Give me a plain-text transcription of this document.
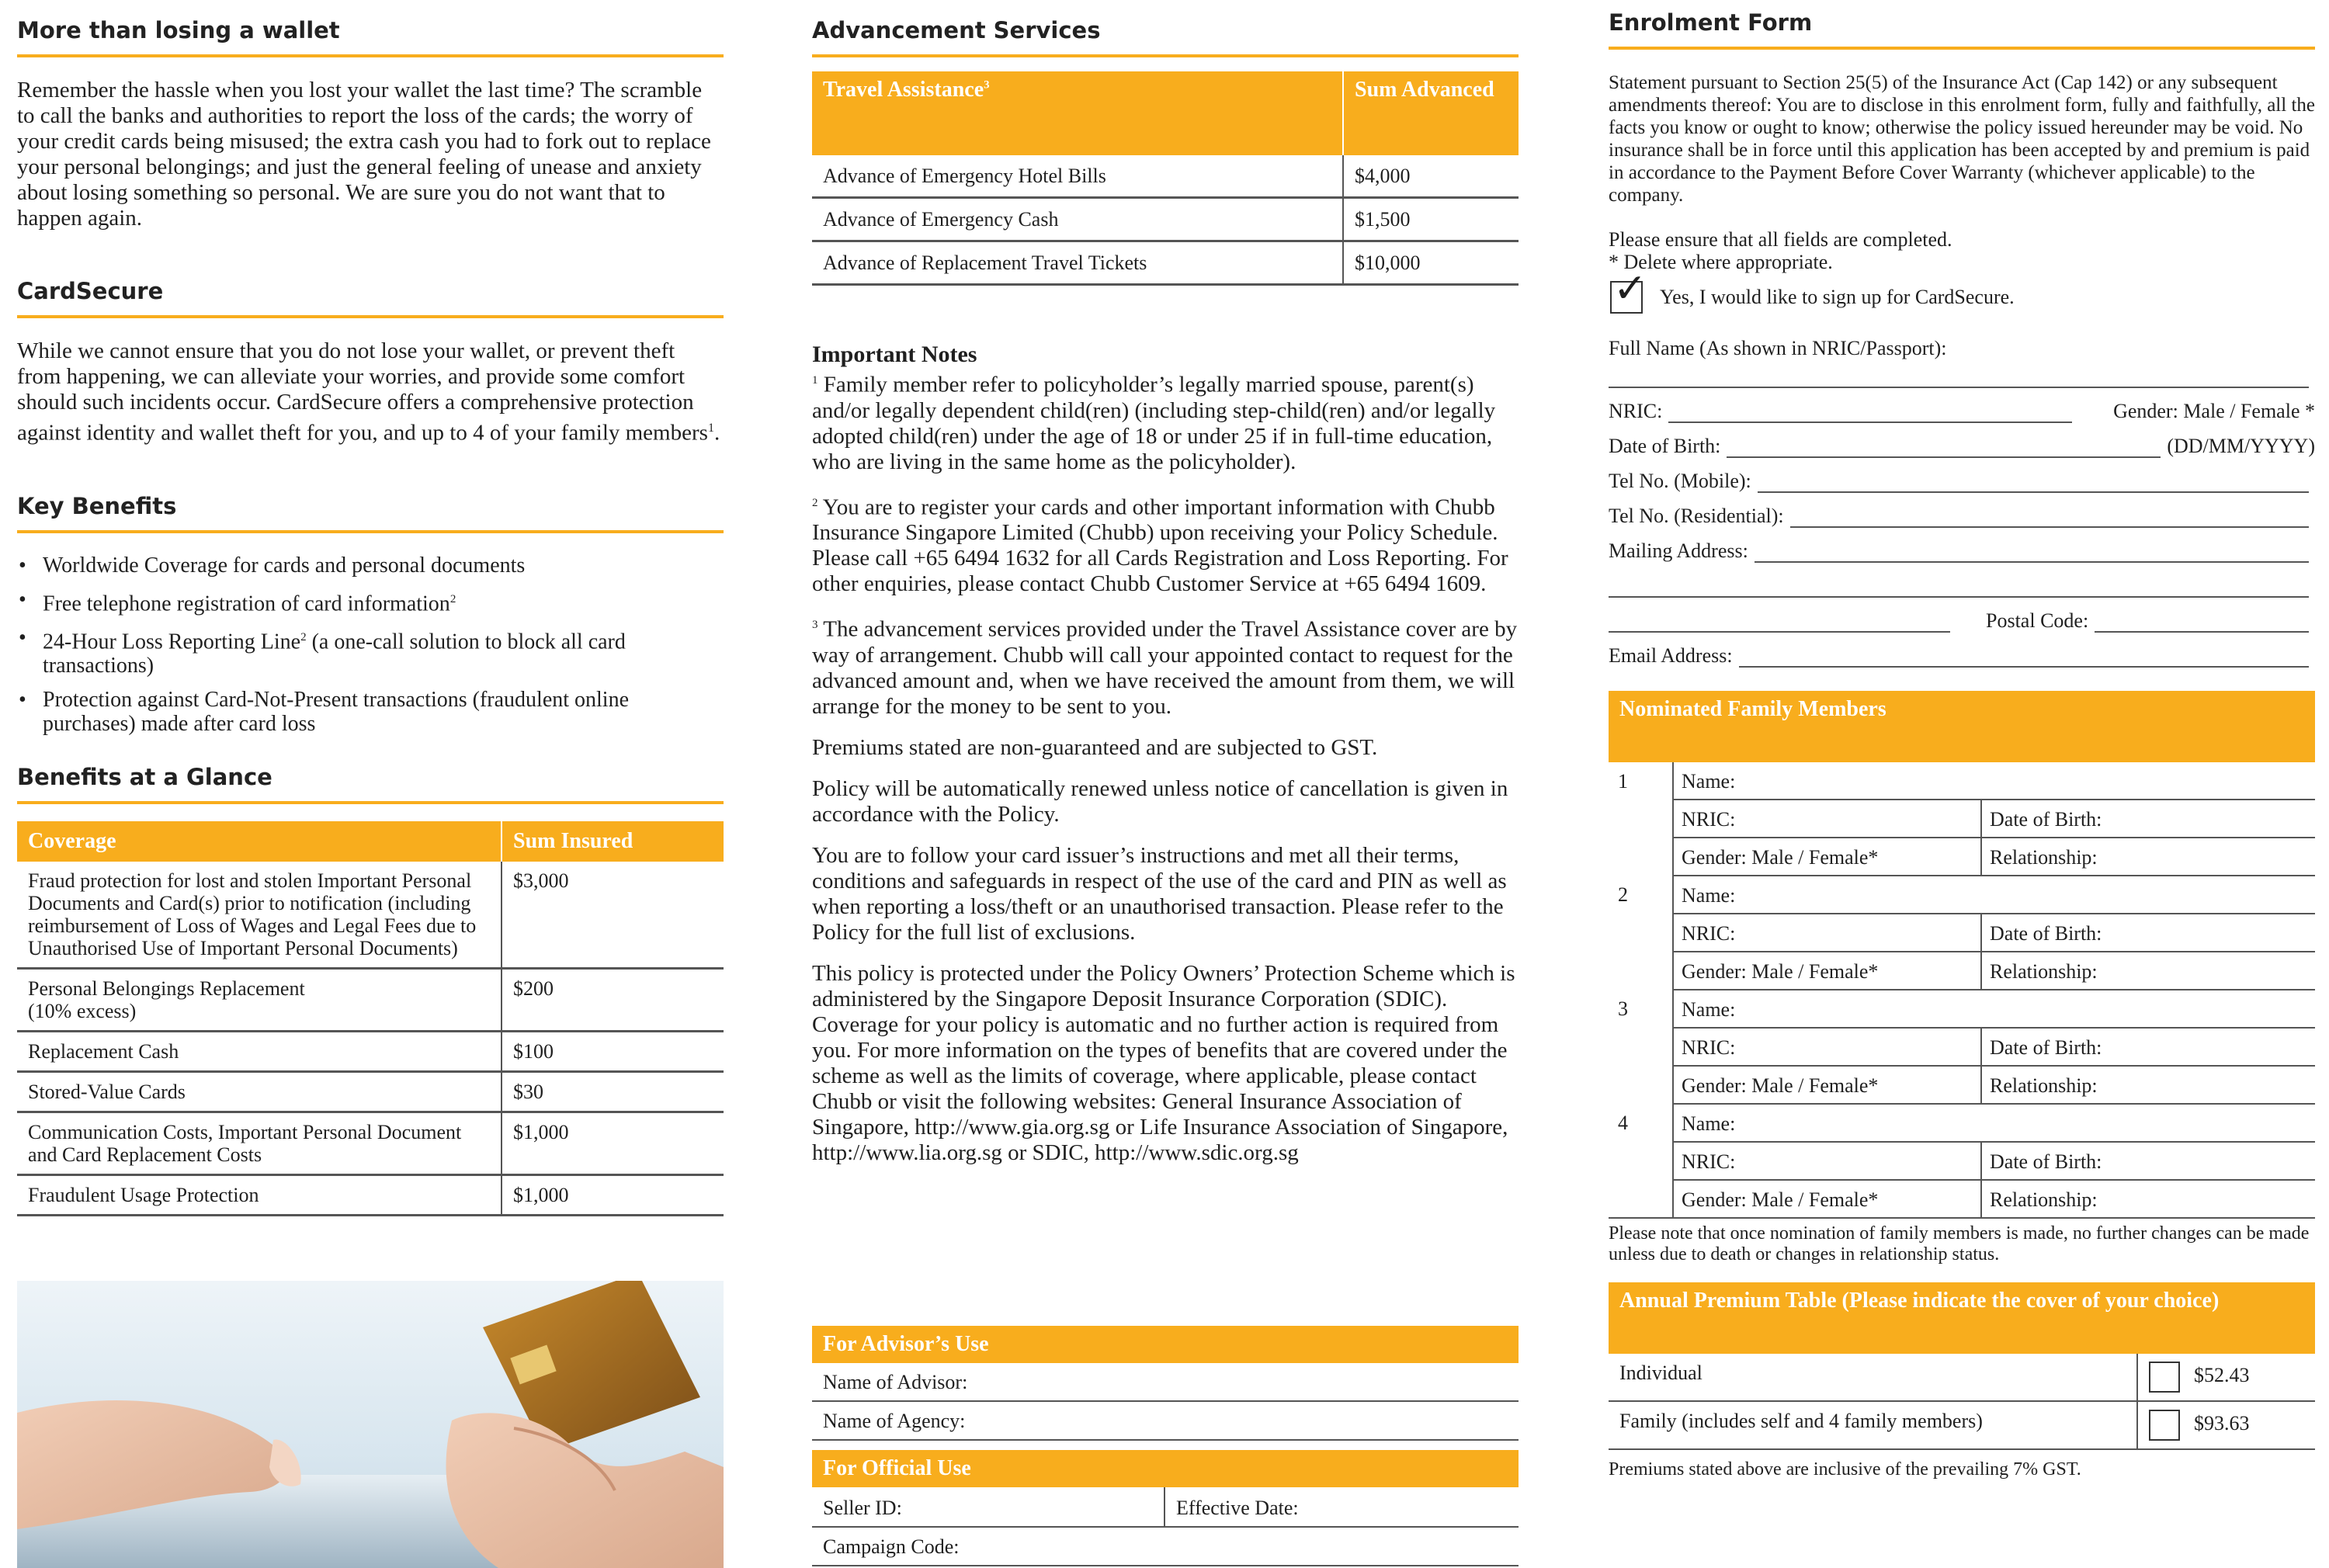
More than losing a wallet

Remember the hassle when you lost your wallet the last time? The scramble to call the banks and authorities to report the loss of the cards; the worry of your credit cards being misused; the extra cash you had to fork out to replace your personal belongings; and just the general feeling of unease and anxiety about losing something so personal. We are sure you do not want that to happen again.

CardSecure

While we cannot ensure that you do not lose your wallet, or prevent theft from happening, we can alleviate your worries, and provide some comfort should such incidents occur. CardSecure offers a comprehensive protection against identity and wallet theft for you, and up to 4 of your family members$^1$.

Key Benefits
• Worldwide Coverage for cards and personal documents
• Free telephone registration of card information$^2$
• 24-Hour Loss Reporting Line$^2$ (a one-call solution to block all card transactions)
• Protection against Card-Not-Present transactions (fraudulent online purchases) made after card loss
Benefits at a Glance
Coverage	Sum Insured
Fraud protection for lost and stolen Important Personal Documents and Card(s) prior to notification (including reimbursement of Loss of Wages and Legal Fees due to Unauthorised Use of Important Personal Documents)	$3,000
Personal Belongings Replacement
(10% excess)	$200
Replacement Cash	$100
Stored-Value Cards	$30
Communication Costs, Important Personal Document and Card Replacement Costs	$1,000
Fraudulent Usage Protection	$1,000
Advancement Services
Travel Assistance$^3$	Sum Advanced
Advance of Emergency Hotel Bills	$4,000
Advance of Emergency Cash	$1,500
Advance of Replacement Travel Tickets	$10,000
Important Notes

$^1$ Family member refer to policyholder’s legally married spouse, parent(s) and/or legally dependent child(ren) (including step-child(ren) and/or legally adopted child(ren) under the age of 18 or under 25 if in full-time education, who are living in the same home as the policyholder).

$^2$ You are to register your cards and other important information with Chubb Insurance Singapore Limited (Chubb) upon receiving your Policy Schedule. Please call +65 6494 1632 for all Cards Registration and Loss Reporting. For other enquiries, please contact Chubb Customer Service at +65 6494 1609.

$^3$ The advancement services provided under the Travel Assistance cover are by way of arrangement. Chubb will call your appointed contact to request for the advanced amount and, when we have received the amount from them, we will arrange for the money to be sent to you.

Premiums stated are non-guaranteed and are subjected to GST.

Policy will be automatically renewed unless notice of cancellation is given in accordance with the Policy.

You are to follow your card issuer’s instructions and met all their terms, conditions and safeguards in respect of the use of the card and PIN as well as when reporting a loss/theft or an unauthorised transaction. Please refer to the Policy for the full list of exclusions.

This policy is protected under the Policy Owners’ Protection Scheme which is administered by the Singapore Deposit Insurance Corporation (SDIC). Coverage for your policy is automatic and no further action is required from you. For more information on the types of benefits that are covered under the scheme as well as the limits of coverage, where applicable, please contact Chubb or visit the following websites: General Insurance Association of Singapore, http://www.gia.org.sg or Life Insurance Association of Singapore, http://www.lia.org.sg or SDIC, http://www.sdic.org.sg

For Advisor’s Use
Name of Advisor:
Name of Agency:
For Official Use
Seller ID:	Effective Date:
Campaign Code:
Enrolment Form

Statement pursuant to Section 25(5) of the Insurance Act (Cap 142) or any subsequent amendments thereof: You are to disclose in this enrolment form, fully and faithfully, all the facts you know or ought to know; otherwise the policy issued hereunder may be void. No insurance shall be in force until this application has been accepted by and premium is paid in accordance to the Payment Before Cover Warranty (whichever applicable) to the company.

Please ensure that all fields are completed.

* Delete where appropriate.

✓ Yes, I would like to sign up for CardSecure.
Full Name (As shown in NRIC/Passport):
NRIC:	Gender: Male / Female *
Date of Birth:	(DD/MM/YYYY)
Tel No. (Mobile):
Tel No. (Residential):
Mailing Address:
Postal Code:
Email Address:
Nominated Family Members
1	Name:	
	NRIC:	Date of Birth:
	Gender: Male / Female*	Relationship:
2	Name:	
	NRIC:	Date of Birth:
	Gender: Male / Female*	Relationship:
3	Name:	
	NRIC:	Date of Birth:
	Gender: Male / Female*	Relationship:
4	Name:	
	NRIC:	Date of Birth:
	Gender: Male / Female*	Relationship:

Please note that once nomination of family members is made, no further changes can be made unless due to death or changes in relationship status.

Annual Premium Table (Please indicate the cover of your choice)
Individual	$52.43
Family (includes self and 4 family members)	$93.63

Premiums stated above are inclusive of the prevailing 7% GST.
